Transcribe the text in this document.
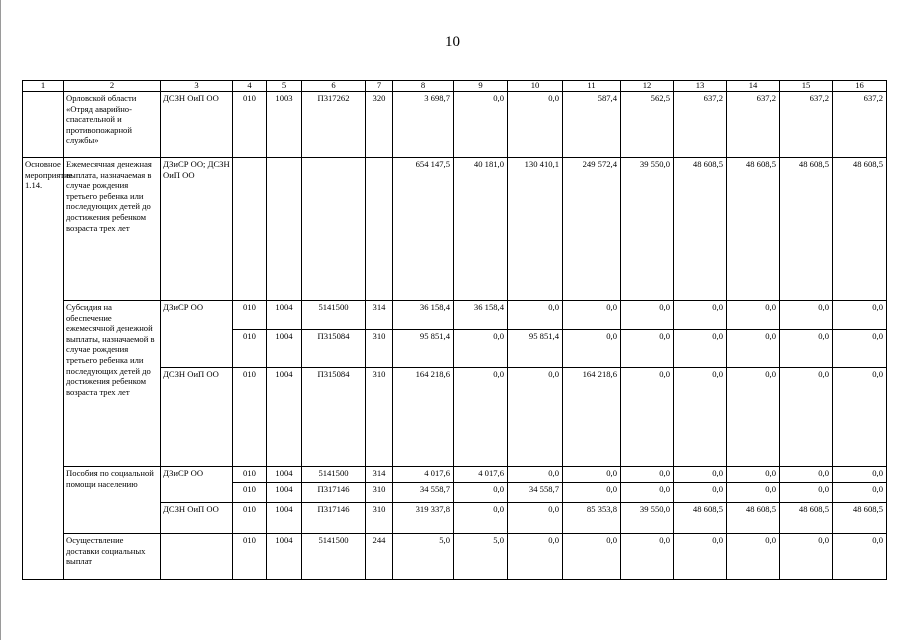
10
1	2	3	4	5	6	7	8	9	10	11	12	13	14	15	16
	Орловской области «Отряд аварийно-спасательной и противопожарной службы»	ДСЗН ОиП ОО	010	1003	П317262	320	3 698,7	0,0	0,0	587,4	562,5	637,2	637,2	637,2	637,2
Основное мероприятие 1.14.	Ежемесячная денежная выплата, назначаемая в случае рождения третьего ребенка или последующих детей до достижения ребенком возраста трех лет	ДЗиСР ОО; ДСЗН ОиП ОО					654 147,5	40 181,0	130 410,1	249 572,4	39 550,0	48 608,5	48 608,5	48 608,5	48 608,5
	Субсидия на обеспечение ежемесячной денежной выплаты, назначаемой в случае рождения третьего ребенка или последующих детей до достижения ребенком возраста трех лет	ДЗиСР ОО	010	1004	5141500	314	36 158,4	36 158,4	0,0	0,0	0,0	0,0	0,0	0,0	0,0
			010	1004	П315084	310	95 851,4	0,0	95 851,4	0,0	0,0	0,0	0,0	0,0	0,0
		ДСЗН ОиП ОО	010	1004	П315084	310	164 218,6	0,0	0,0	164 218,6	0,0	0,0	0,0	0,0	0,0
	Пособия по социальной помощи населению	ДЗиСР ОО	010	1004	5141500	314	4 017,6	4 017,6	0,0	0,0	0,0	0,0	0,0	0,0	0,0
			010	1004	П317146	310	34 558,7	0,0	34 558,7	0,0	0,0	0,0	0,0	0,0	0,0
		ДСЗН ОиП ОО	010	1004	П317146	310	319 337,8	0,0	0,0	85 353,8	39 550,0	48 608,5	48 608,5	48 608,5	48 608,5
	Осуществление доставки социальных выплат		010	1004	5141500	244	5,0	5,0	0,0	0,0	0,0	0,0	0,0	0,0	0,0
